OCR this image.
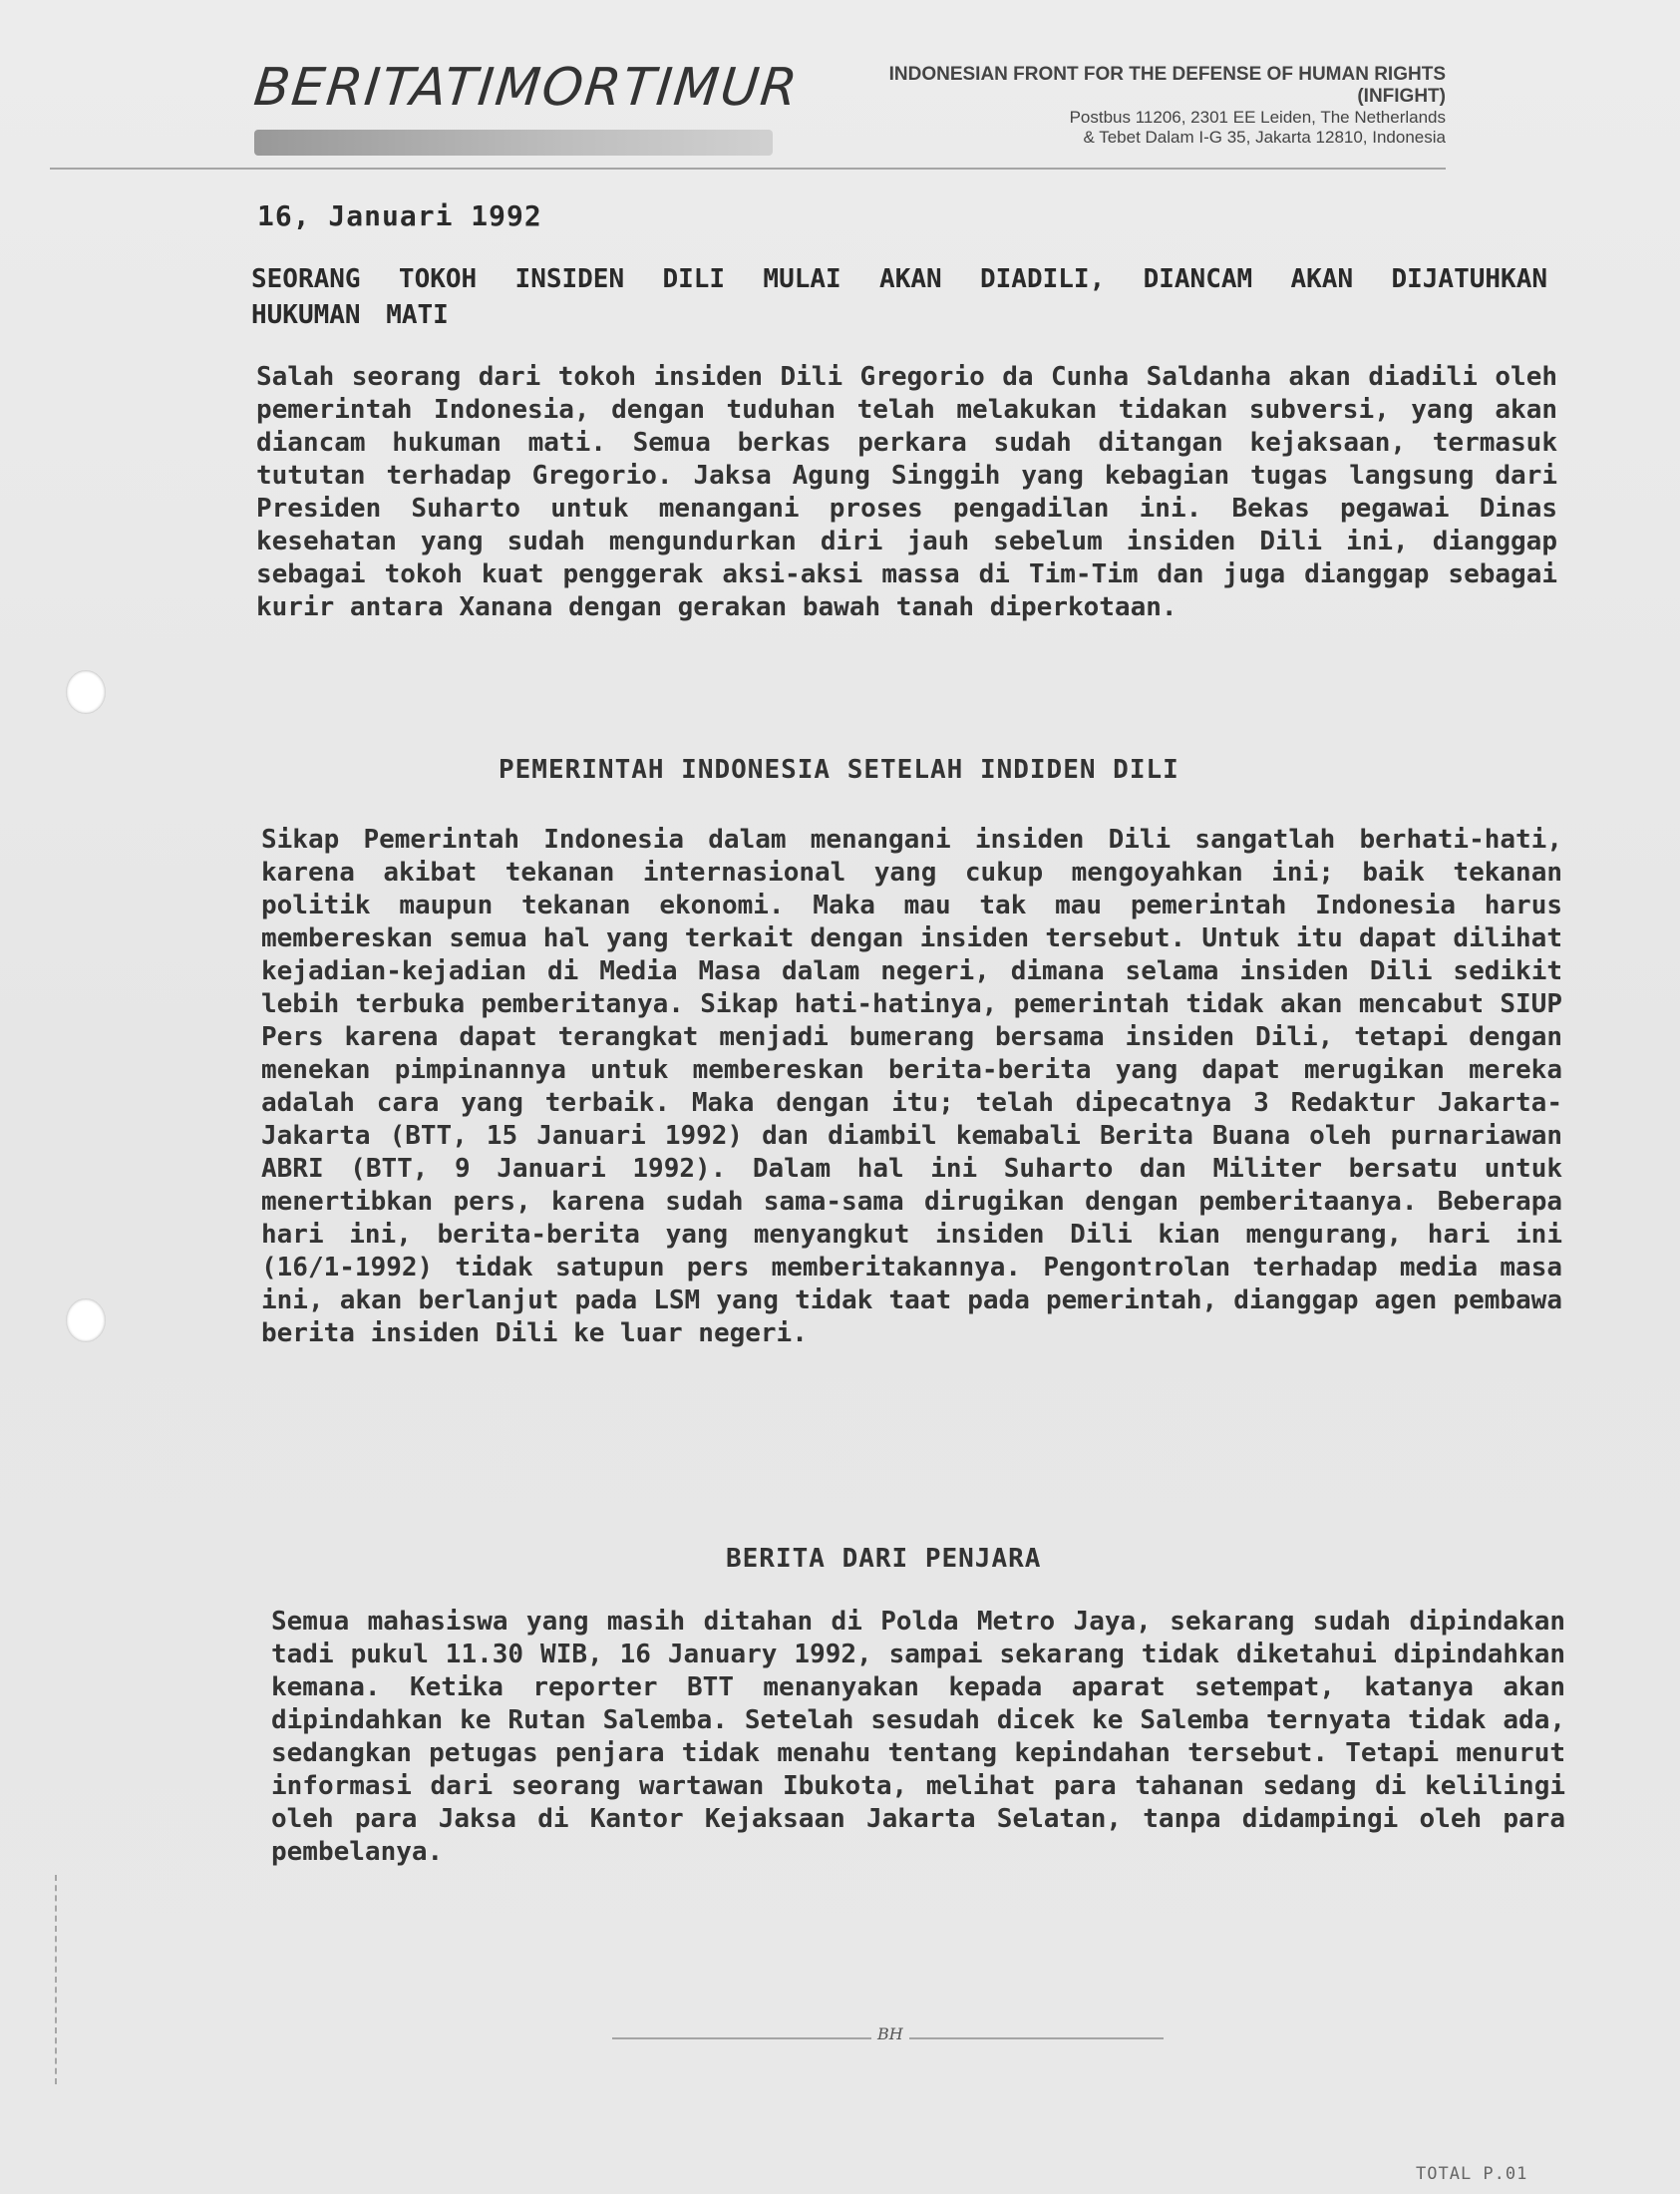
BERITATIMORTIMUR	INDONESIAN FRONT FOR THE DEFENSE OF HUMAN RIGHTS
(INFIGHT)
Postbus 11206, 2301 EE Leiden, The Netherlands
& Tebet Dalam I-G 35, Jakarta 12810, Indonesia
16, Januari 1992
SEORANG TOKOH INSIDEN DILI MULAI AKAN DIADILI, DIANCAM AKAN DIJATUHKAN HUKUMAN MATI
Salah seorang dari tokoh insiden Dili Gregorio da Cunha Saldanha akan diadili oleh pemerintah Indonesia, dengan tuduhan telah melakukan tidakan subversi, yang akan diancam hukuman mati. Semua berkas perkara sudah ditangan kejaksaan, termasuk tututan terhadap Gregorio. Jaksa Agung Singgih yang kebagian tugas langsung dari Presiden Suharto untuk menangani proses pengadilan ini. Bekas pegawai Dinas kesehatan yang sudah mengundurkan diri jauh sebelum insiden Dili ini, dianggap sebagai tokoh kuat penggerak aksi-aksi massa di Tim-Tim dan juga dianggap sebagai kurir antara Xanana dengan gerakan bawah tanah diperkotaan.
PEMERINTAH INDONESIA SETELAH INDIDEN DILI
Sikap Pemerintah Indonesia dalam menangani insiden Dili sangatlah berhati-hati, karena akibat tekanan internasional yang cukup mengoyahkan ini; baik tekanan politik maupun tekanan ekonomi. Maka mau tak mau pemerintah Indonesia harus membereskan semua hal yang terkait dengan insiden tersebut. Untuk itu dapat dilihat kejadian-kejadian di Media Masa dalam negeri, dimana selama insiden Dili sedikit lebih terbuka pemberitanya. Sikap hati-hatinya, pemerintah tidak akan mencabut SIUP Pers karena dapat terangkat menjadi bumerang bersama insiden Dili, tetapi dengan menekan pimpinannya untuk membereskan berita-berita yang dapat merugikan mereka adalah cara yang terbaik. Maka dengan itu; telah dipecatnya 3 Redaktur Jakarta-Jakarta (BTT, 15 Januari 1992) dan diambil kemabali Berita Buana oleh purnariawan ABRI (BTT, 9 Januari 1992). Dalam hal ini Suharto dan Militer bersatu untuk menertibkan pers, karena sudah sama-sama dirugikan dengan pemberitaanya. Beberapa hari ini, berita-berita yang menyangkut insiden Dili kian mengurang, hari ini (16/1-1992) tidak satupun pers memberitakannya. Pengontrolan terhadap media masa ini, akan berlanjut pada LSM yang tidak taat pada pemerintah, dianggap agen pembawa berita insiden Dili ke luar negeri.
BERITA DARI PENJARA
Semua mahasiswa yang masih ditahan di Polda Metro Jaya, sekarang sudah dipindakan tadi pukul 11.30 WIB, 16 January 1992, sampai sekarang tidak diketahui dipindahkan kemana. Ketika reporter BTT menanyakan kepada aparat setempat, katanya akan dipindahkan ke Rutan Salemba. Setelah sesudah dicek ke Salemba ternyata tidak ada, sedangkan petugas penjara tidak menahu tentang kepindahan tersebut. Tetapi menurut informasi dari seorang wartawan Ibukota, melihat para tahanan sedang di kelilingi oleh para Jaksa di Kantor Kejaksaan Jakarta Selatan, tanpa didampingi oleh para pembelanya.
BH
TOTAL P.01
